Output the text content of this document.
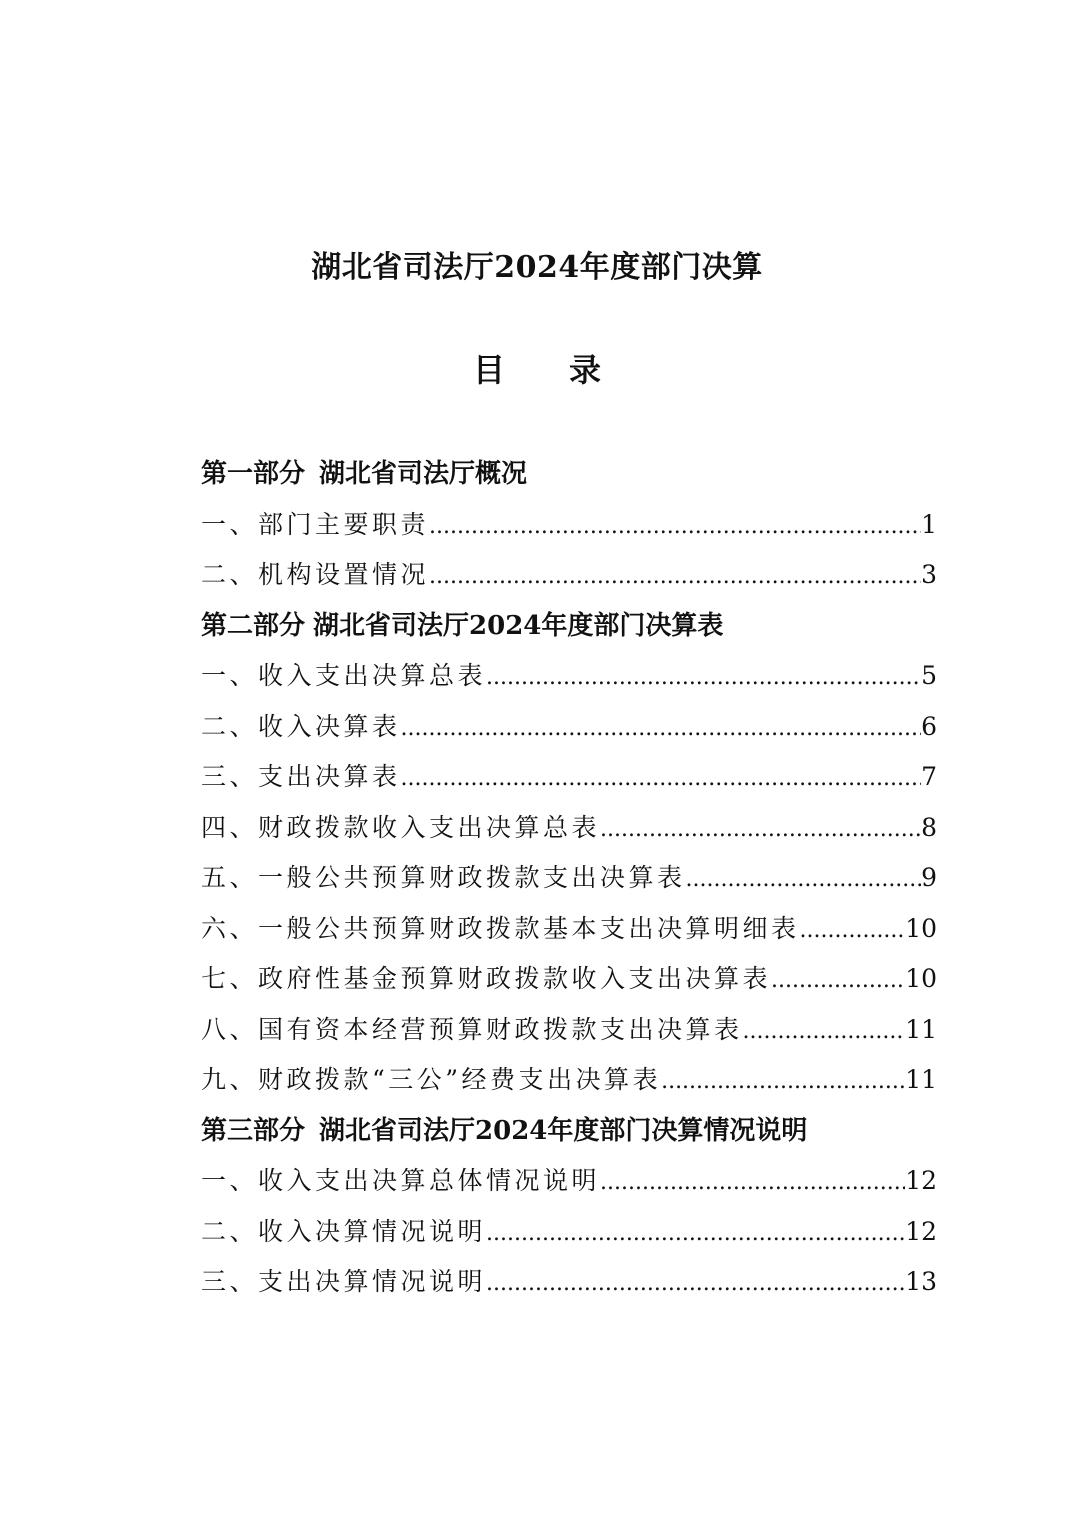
湖北省司法厅2024年度部门决算
目 录
第一部分 湖北省司法厅概况
一、部门主要职责 .....	1
二、机构设置情况 .....	3
第二部分 湖北省司法厅2024年度部门决算表
一、收入支出决算总表 .....	5
二、收入决算表 .....	6
三、支出决算表 .....	7
四、财政拨款收入支出决算总表 .....	8
五、一般公共预算财政拨款支出决算表 .....	9
六、一般公共预算财政拨款基本支出决算明细表 .....	10
七、政府性基金预算财政拨款收入支出决算表 .....	10
八、国有资本经营预算财政拨款支出决算表 .....	11
九、财政拨款“三公”经费支出决算表 .....	11
第三部分 湖北省司法厅2024年度部门决算情况说明
一、收入支出决算总体情况说明 .....	12
二、收入决算情况说明 .....	12
三、支出决算情况说明 .....	13
